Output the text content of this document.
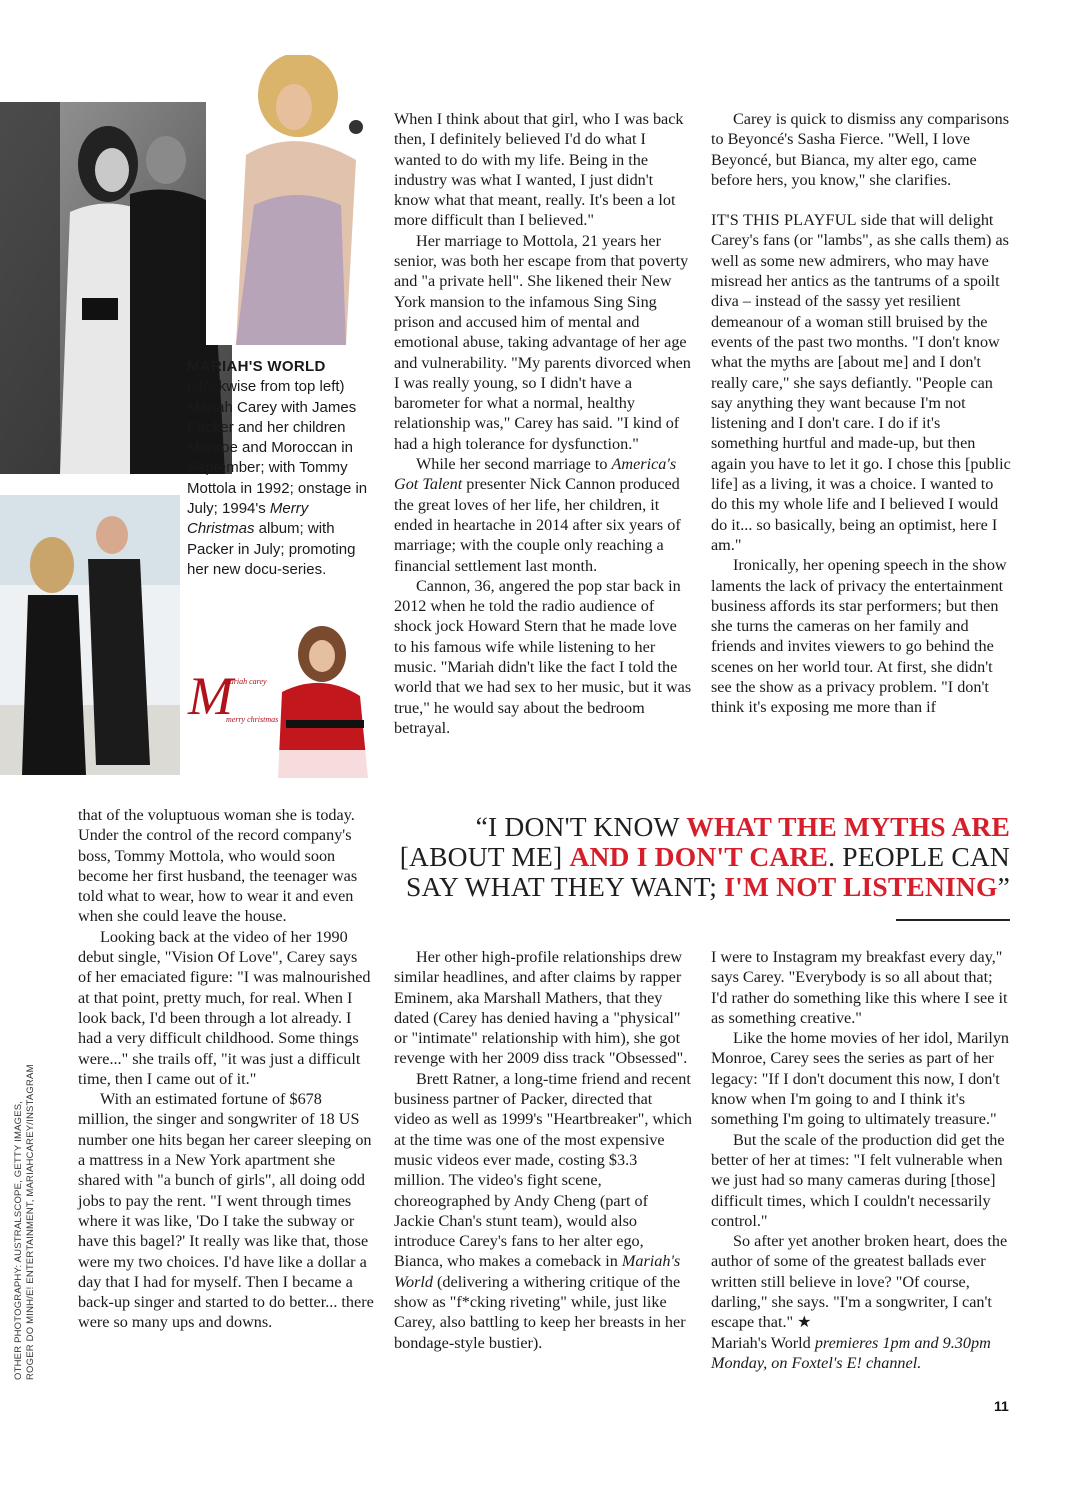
M
mariah carey
merry christmas
MARIAH'S WORLD
(clockwise from top left) Mariah Carey with James Packer and her children Monroe and Moroccan in September; with Tommy Mottola in 1992; onstage in July; 1994's Merry Christmas album; with Packer in July; promoting her new docu-series.

When I think about that girl, who I was back then, I definitely believed I'd do what I wanted to do with my life. Being in the industry was what I wanted, I just didn't know what that meant, really. It's been a lot more difficult than I believed."

Her marriage to Mottola, 21 years her senior, was both her escape from that poverty and "a private hell". She likened their New York mansion to the infamous Sing Sing prison and accused him of mental and emotional abuse, taking advantage of her age and vulnerability. "My parents divorced when I was really young, so I didn't have a barometer for what a normal, healthy relationship was," Carey has said. "I kind of had a high tolerance for dysfunction."

While her second marriage to America's Got Talent presenter Nick Cannon produced the great loves of her life, her children, it ended in heartache in 2014 after six years of marriage; with the couple only reaching a financial settlement last month.

Cannon, 36, angered the pop star back in 2012 when he told the radio audience of shock jock Howard Stern that he made love to his famous wife while listening to her music. "Mariah didn't like the fact I told the world that we had sex to her music, but it was true," he would say about the bedroom betrayal.

Carey is quick to dismiss any comparisons to Beyoncé's Sasha Fierce. "Well, I love Beyoncé, but Bianca, my alter ego, came before hers, you know," she clarifies.

IT'S THIS PLAYFUL side that will delight Carey's fans (or "lambs", as she calls them) as well as some new admirers, who may have misread her antics as the tantrums of a spoilt diva – instead of the sassy yet resilient demeanour of a woman still bruised by the events of the past two months. "I don't know what the myths are [about me] and I don't really care," she says defiantly. "People can say anything they want because I'm not listening and I don't care. I do if it's something hurtful and made-up, but then again you have to let it go. I chose this [public life] as a living, it was a choice. I wanted to do this my whole life and I believed I would do it... so basically, being an optimist, here I am."

Ironically, her opening speech in the show laments the lack of privacy the entertainment business affords its star performers; but then she turns the cameras on her family and friends and invites viewers to go behind the scenes on her world tour. At first, she didn't see the show as a privacy problem. "I don't think it's exposing me more than if

“I DON'T KNOW WHAT THE MYTHS ARE [ABOUT ME] AND I DON'T CARE. PEOPLE CAN SAY WHAT THEY WANT; I'M NOT LISTENING”

that of the voluptuous woman she is today. Under the control of the record company's boss, Tommy Mottola, who would soon become her first husband, the teenager was told what to wear, how to wear it and even when she could leave the house.

Looking back at the video of her 1990 debut single, "Vision Of Love", Carey says of her emaciated figure: "I was malnourished at that point, pretty much, for real. When I look back, I'd been through a lot already. I had a very difficult childhood. Some things were..." she trails off, "it was just a difficult time, then I came out of it."

With an estimated fortune of $678 million, the singer and songwriter of 18 US number one hits began her career sleeping on a mattress in a New York apartment she shared with "a bunch of girls", all doing odd jobs to pay the rent. "I went through times where it was like, 'Do I take the subway or have this bagel?' It really was like that, those were my two choices. I'd have like a dollar a day that I had for myself. Then I became a back-up singer and started to do better... there were so many ups and downs.

Her other high-profile relationships drew similar headlines, and after claims by rapper Eminem, aka Marshall Mathers, that they dated (Carey has denied having a "physical" or "intimate" relationship with him), she got revenge with her 2009 diss track "Obsessed".

Brett Ratner, a long-time friend and recent business partner of Packer, directed that video as well as 1999's "Heartbreaker", which at the time was one of the most expensive music videos ever made, costing $3.3 million. The video's fight scene, choreographed by Andy Cheng (part of Jackie Chan's stunt team), would also introduce Carey's fans to her alter ego, Bianca, who makes a comeback in Mariah's World (delivering a withering critique of the show as "f*cking riveting" while, just like Carey, also battling to keep her breasts in her bondage-style bustier).

I were to Instagram my breakfast every day," says Carey. "Everybody is so all about that; I'd rather do something like this where I see it as something creative."

Like the home movies of her idol, Marilyn Monroe, Carey sees the series as part of her legacy: "If I don't document this now, I don't know when I'm going to and I think it's something I'm going to ultimately treasure."

But the scale of the production did get the better of her at times: "I felt vulnerable when we just had so many cameras during [those] difficult times, which I couldn't necessarily control."

So after yet another broken heart, does the author of some of the greatest ballads ever written still believe in love? "Of course, darling," she says. "I'm a songwriter, I can't escape that." ★

Mariah's World premieres 1pm and 9.30pm Monday, on Foxtel's E! channel.

OTHER PHOTOGRAPHY: AUSTRALSCOPE, GETTY IMAGES, ROGER DO MINH/E! ENTERTAINMENT, MARIAHCAREY/INSTAGRAM
11
